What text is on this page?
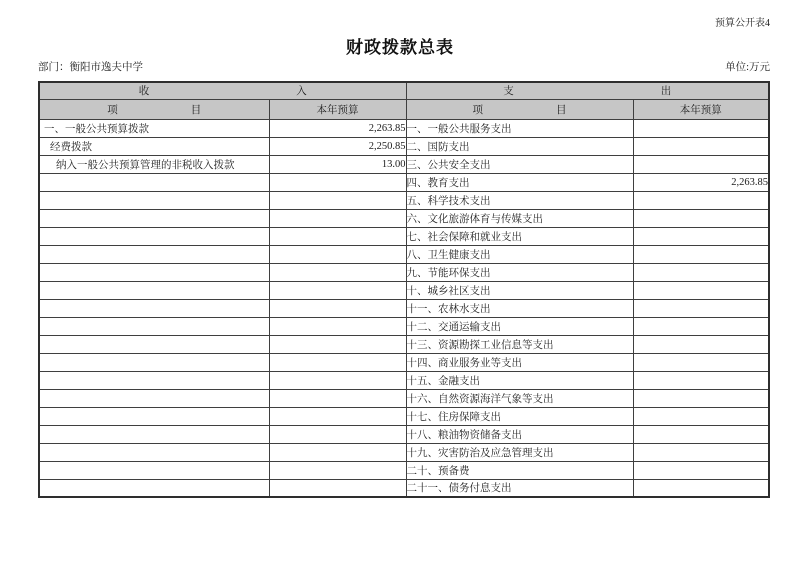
预算公开表4
财政拨款总表
部门：衡阳市逸夫中学	单位:万元
收入		支出	

项目	本年预算	项目	本年预算
一、一般公共预算拨款	2,263.85	一、一般公共服务支出	
经费拨款	2,250.85	二、国防支出	
纳入一般公共预算管理的非税收入拨款	13.00	三、公共安全支出	
		四、教育支出	2,263.85
		五、科学技术支出	
		六、文化旅游体育与传媒支出	
		七、社会保障和就业支出	
		八、卫生健康支出	
		九、节能环保支出	
		十、城乡社区支出	
		十一、农林水支出	
		十二、交通运输支出	
		十三、资源勘探工业信息等支出	
		十四、商业服务业等支出	
		十五、金融支出	
		十六、自然资源海洋气象等支出	
		十七、住房保障支出	
		十八、粮油物资储备支出	
		十九、灾害防治及应急管理支出	
		二十、预备费	
		二十一、债务付息支出	
